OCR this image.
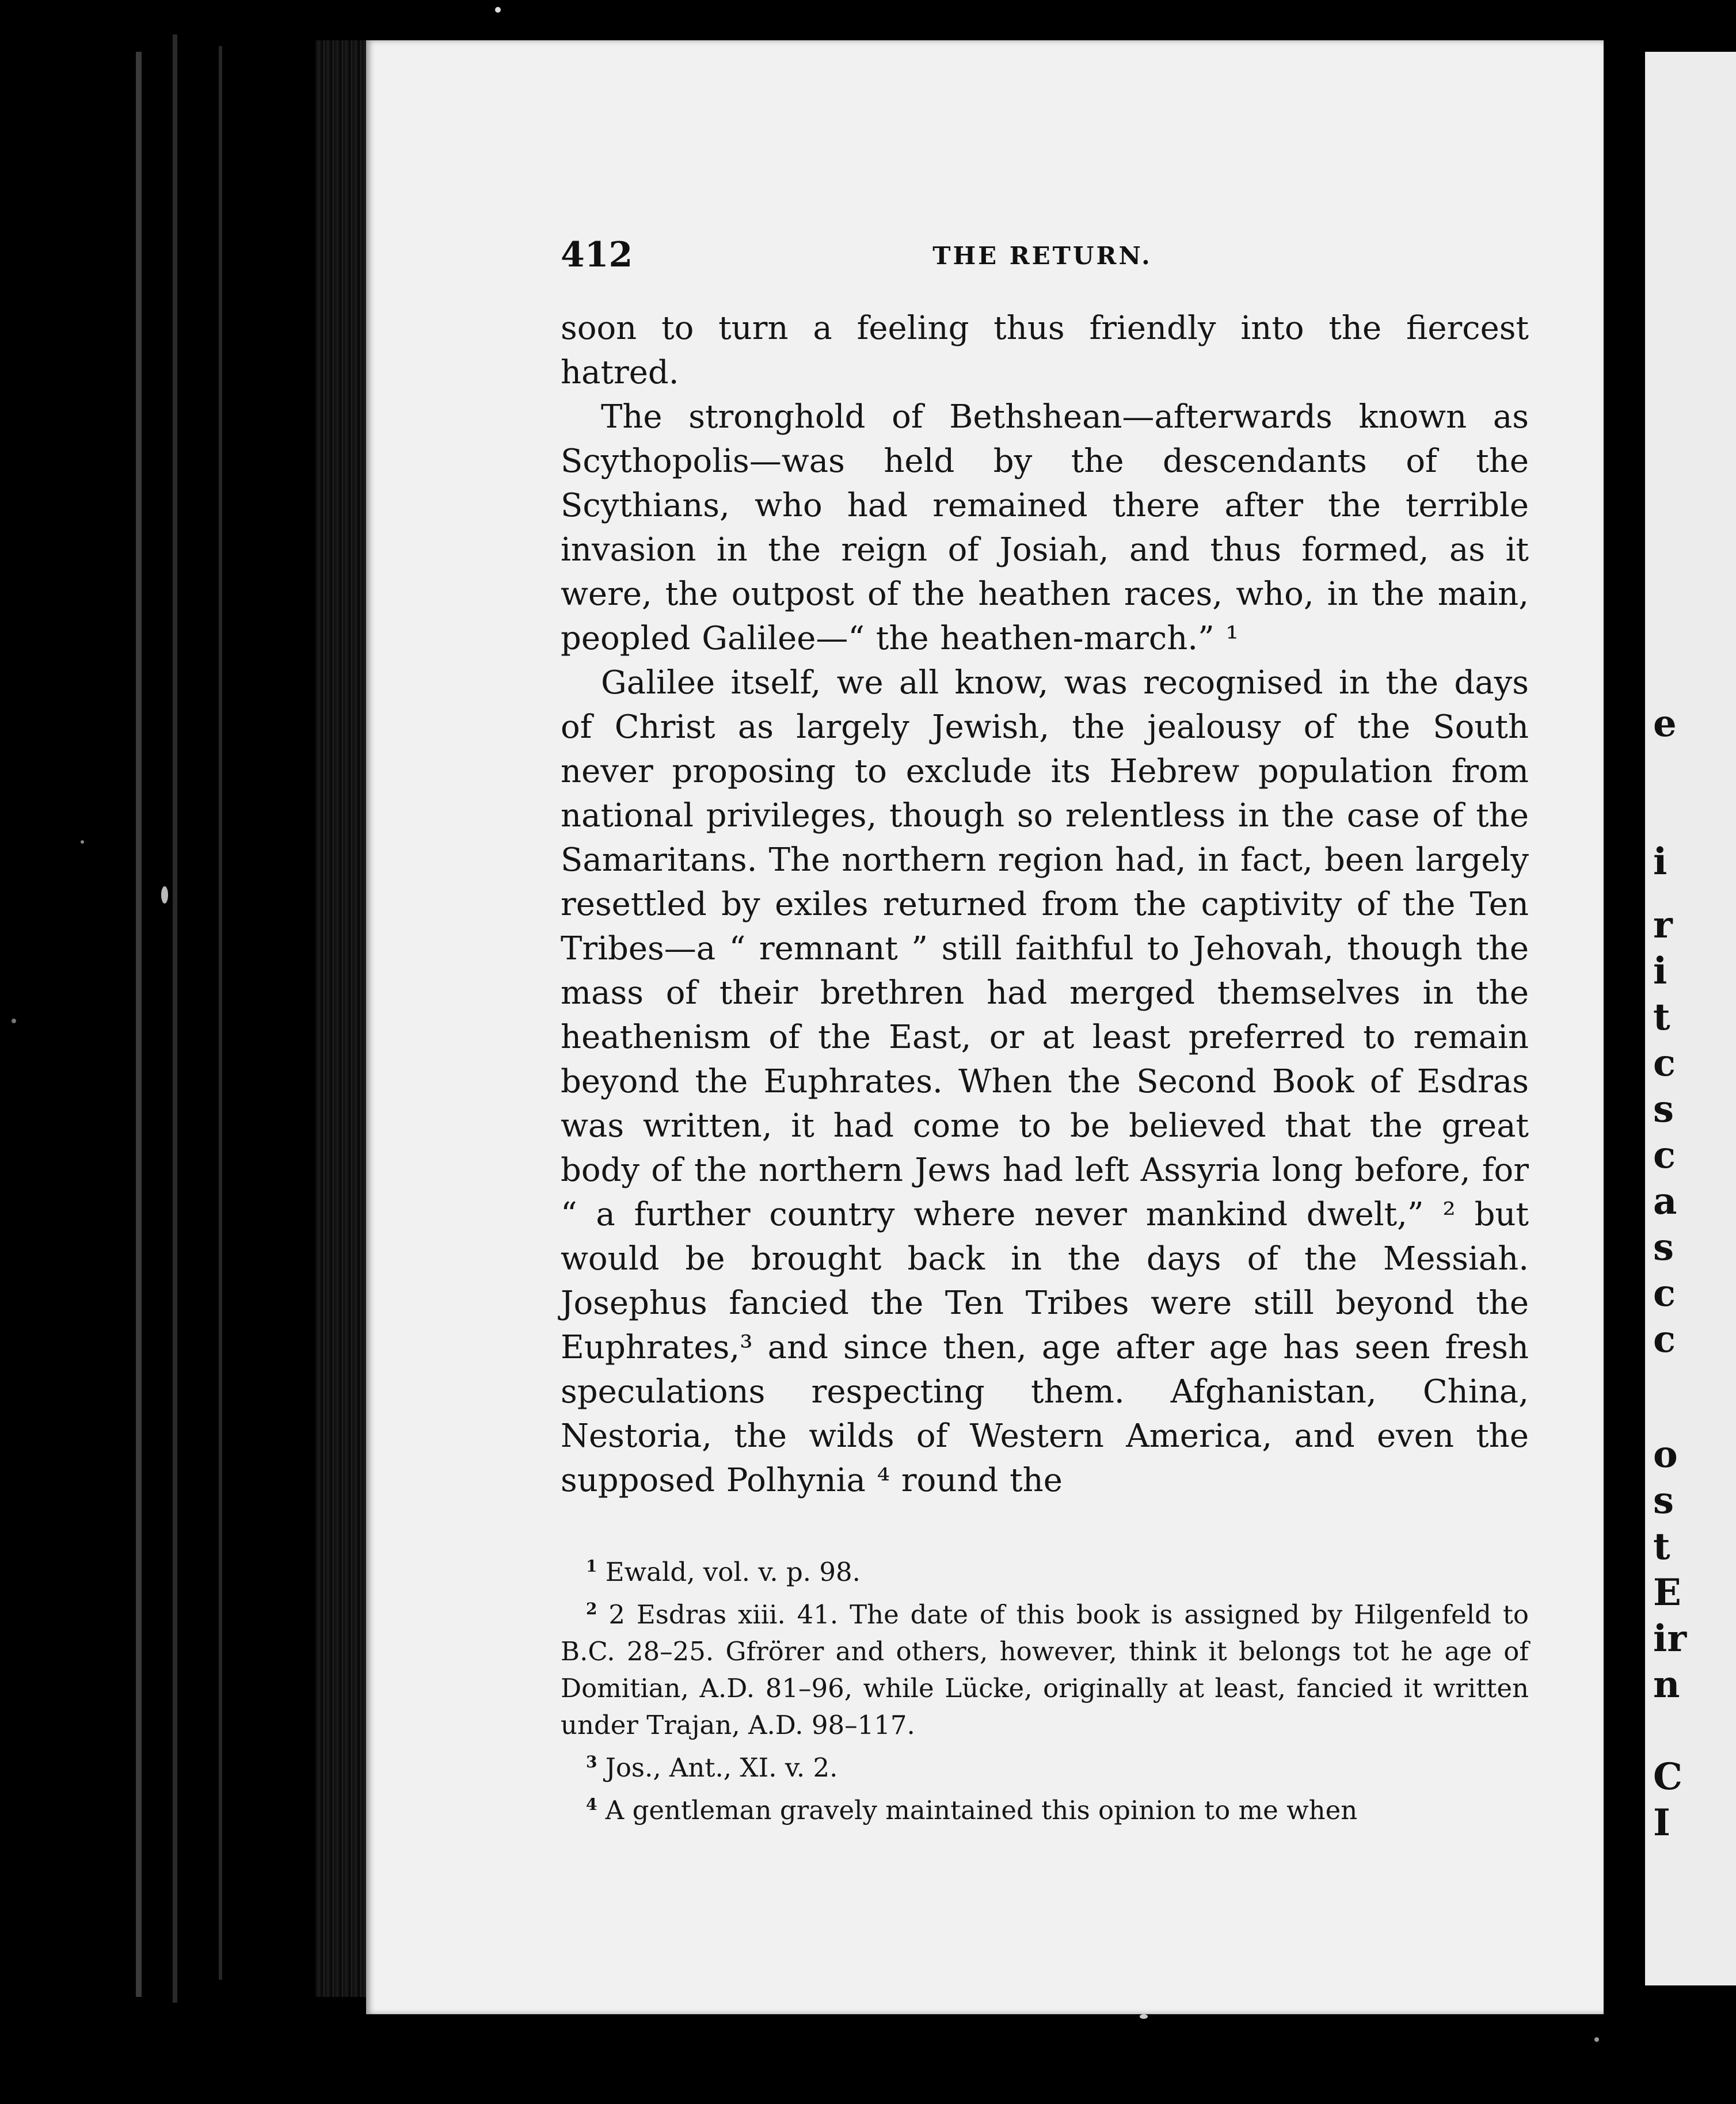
412	THE RETURN.

soon to turn a feeling thus friendly into the fiercest hatred.

The stronghold of Bethshean—afterwards known as Scythopolis—was held by the descendants of the Scythians, who had remained there after the terrible invasion in the reign of Josiah, and thus formed, as it were, the outpost of the heathen races, who, in the main, peopled Galilee—“ the heathen-march.” ¹

Galilee itself, we all know, was recognised in the days of Christ as largely Jewish, the jealousy of the South never proposing to exclude its Hebrew population from national privileges, though so relentless in the case of the Samaritans. The northern region had, in fact, been largely resettled by exiles returned from the captivity of the Ten Tribes—a “ remnant ” still faithful to Jehovah, though the mass of their brethren had merged themselves in the heathenism of the East, or at least preferred to remain beyond the Euphrates. When the Second Book of Esdras was written, it had come to be believed that the great body of the northern Jews had left Assyria long before, for “ a further country where never mankind dwelt,” ² but would be brought back in the days of the Messiah. Josephus fancied the Ten Tribes were still beyond the Euphrates,³ and since then, age after age has seen fresh speculations respecting them. Afghanistan, China, Nestoria, the wilds of Western America, and even the supposed Polhynia ⁴ round the

$^1$ Ewald, vol. v. p. 98.

$^2$ 2 Esdras xiii. 41. The date of this book is assigned by Hilgenfeld to B.C. 28–25. Gfrörer and others, however, think it belongs tot he age of Domitian, A.D. 81–96, while Lücke, originally at least, fancied it written under Trajan, A.D. 98–117.

$^3$ Jos., Ant., XI. v. 2.

$^4$ A gentleman gravely maintained this opinion to me when

e
i
r
i
t
c
s
c
a
s
c
c
o
s
t
E
ir
n
C
I
